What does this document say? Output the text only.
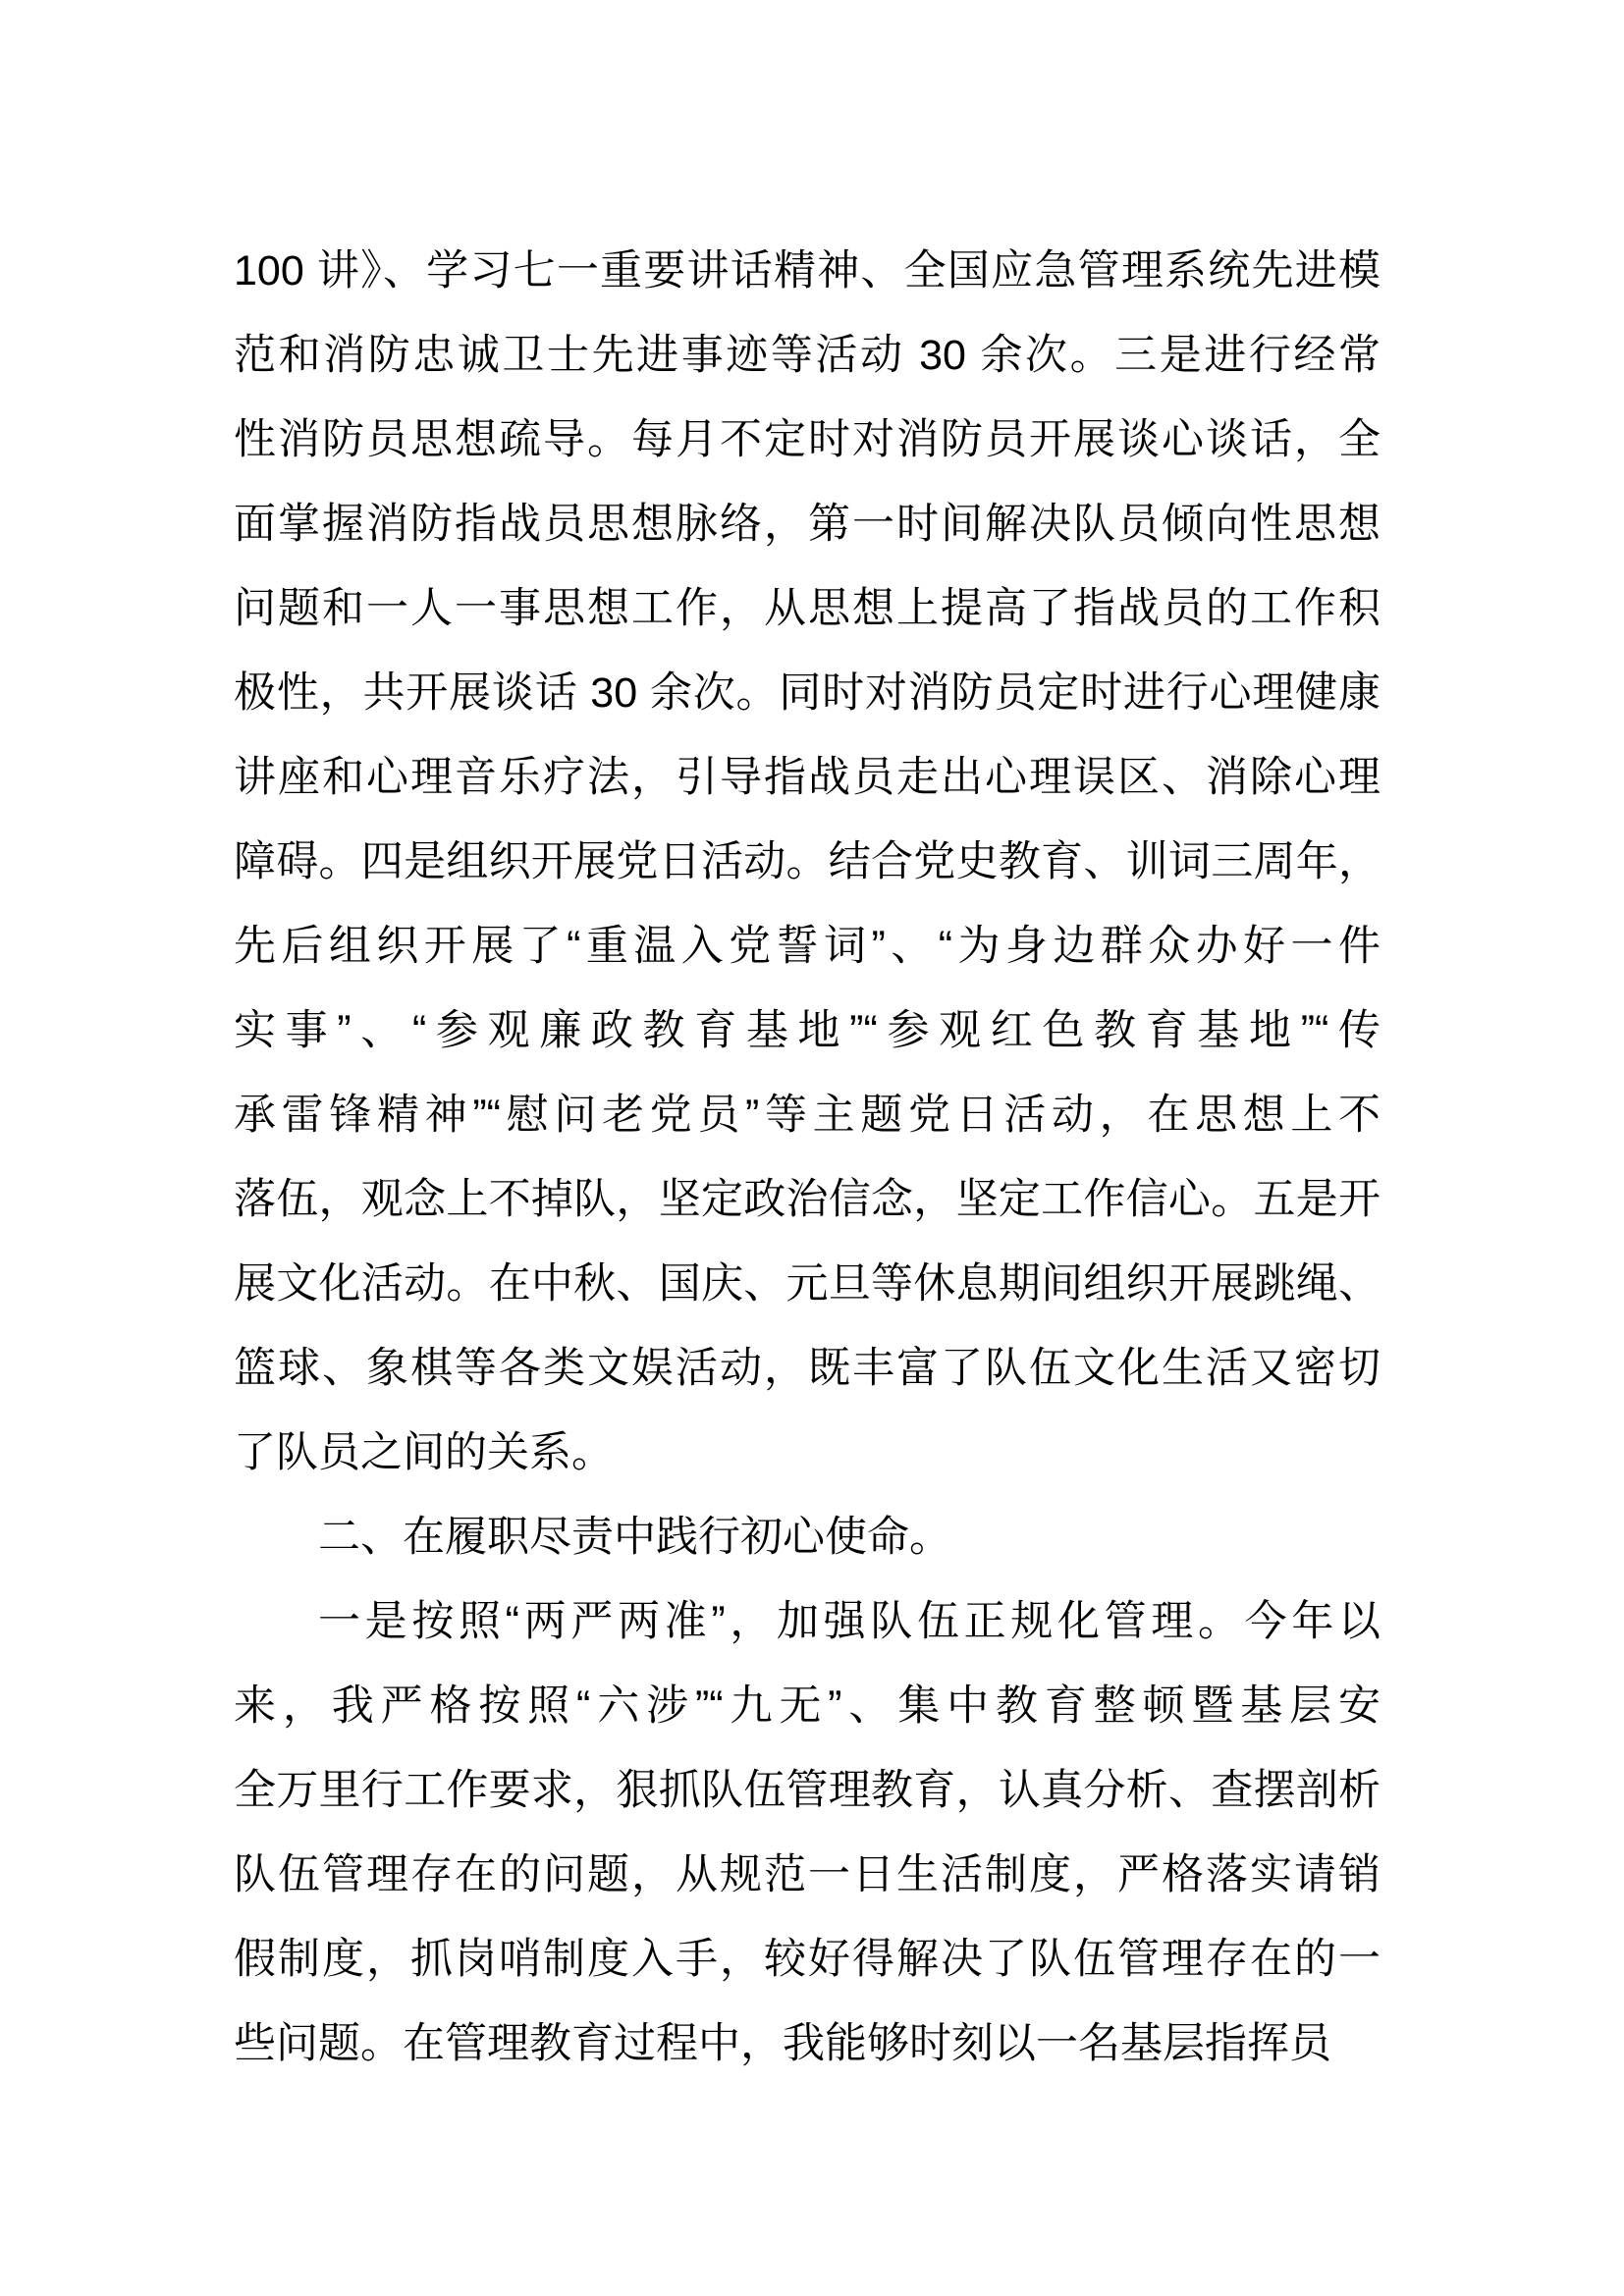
100 讲》、学习七一重要讲话精神、全国应急管理系统先进模
范和消防忠诚卫士先进事迹等活动 30 余次。三是进行经常
性消防员思想疏导。每月不定时对消防员开展谈心谈话，全
面掌握消防指战员思想脉络，第一时间解决队员倾向性思想
问题和一人一事思想工作，从思想上提高了指战员的工作积
极性，共开展谈话 30 余次。同时对消防员定时进行心理健康
讲座和心理音乐疗法，引导指战员走出心理误区、消除心理
障碍。四是组织开展党日活动。结合党史教育、训词三周年，
先后组织开展了“重温入党誓词”、“为身边群众办好一件
实事”、“参观廉政教育基地”“参观红色教育基地”“传
承雷锋精神”“慰问老党员”等主题党日活动，在思想上不
落伍，观念上不掉队，坚定政治信念，坚定工作信心。五是开
展文化活动。在中秋、国庆、元旦等休息期间组织开展跳绳、
篮球、象棋等各类文娱活动，既丰富了队伍文化生活又密切
了队员之间的关系。
二、在履职尽责中践行初心使命。
一是按照“两严两准”，加强队伍正规化管理。今年以
来，我严格按照“六涉”“九无”、集中教育整顿暨基层安
全万里行工作要求，狠抓队伍管理教育，认真分析、查摆剖析
队伍管理存在的问题，从规范一日生活制度，严格落实请销
假制度，抓岗哨制度入手，较好得解决了队伍管理存在的一
些问题。在管理教育过程中，我能够时刻以一名基层指挥员
